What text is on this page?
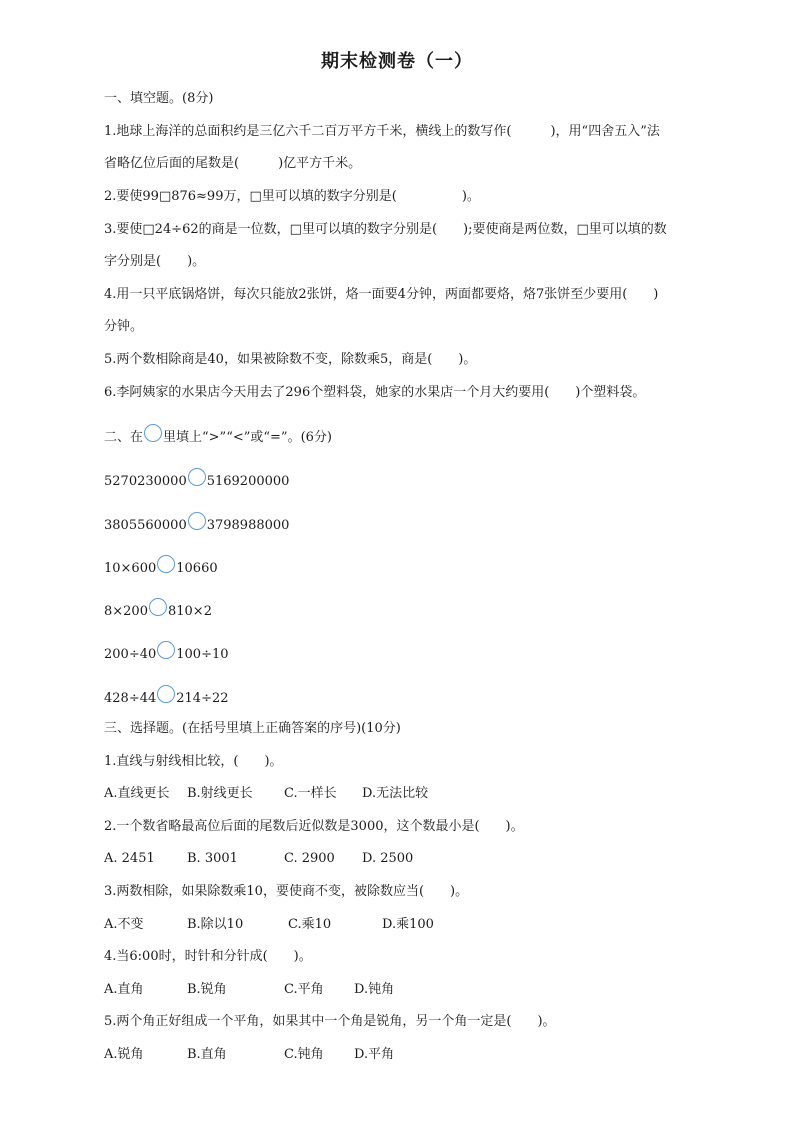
期末检测卷（一）
一、填空题。(8分)
1.地球上海洋的总面积约是三亿六千二百万平方千米，横线上的数写作(　　　)，用“四舍五入”法
省略亿位后面的尾数是(　　　)亿平方千米。
2.要使99□876≈99万，□里可以填的数字分别是(　　　　　)。
3.要使□24÷62的商是一位数，□里可以填的数字分别是(　　);要使商是两位数，□里可以填的数
字分别是(　　)。
4.用一只平底锅烙饼，每次只能放2张饼，烙一面要4分钟，两面都要烙，烙7张饼至少要用(　　)
分钟。
5.两个数相除商是40，如果被除数不变，除数乘5，商是(　　)。
6.李阿姨家的水果店今天用去了296个塑料袋，她家的水果店一个月大约要用(　　)个塑料袋。
二、在 里填上“>”“<”或“=”。(6分)
5270230000 5169200000
3805560000 3798988000
10×600 10660
8×200 810×2
200÷40 100÷10
428÷44 214÷22
三、选择题。(在括号里填上正确答案的序号)(10分)
1.直线与射线相比较，(　　)。
A.直线更长 B.射线更长 C.一样长 D.无法比较
2.一个数省略最高位后面的尾数后近似数是3000，这个数最小是(　　)。
A. 2451 B. 3001	C. 2900 D. 2500
3.两数相除，如果除数乘10，要使商不变，被除数应当(　　)。
A.不变	B.除以10	C.乘10	D.乘100
4.当6:00时，时针和分针成(　　)。
A.直角	B.锐角	C.平角 D.钝角
5.两个角正好组成一个平角，如果其中一个角是锐角，另一个角一定是(　　)。
A.锐角	B.直角	C.钝角 D.平角
